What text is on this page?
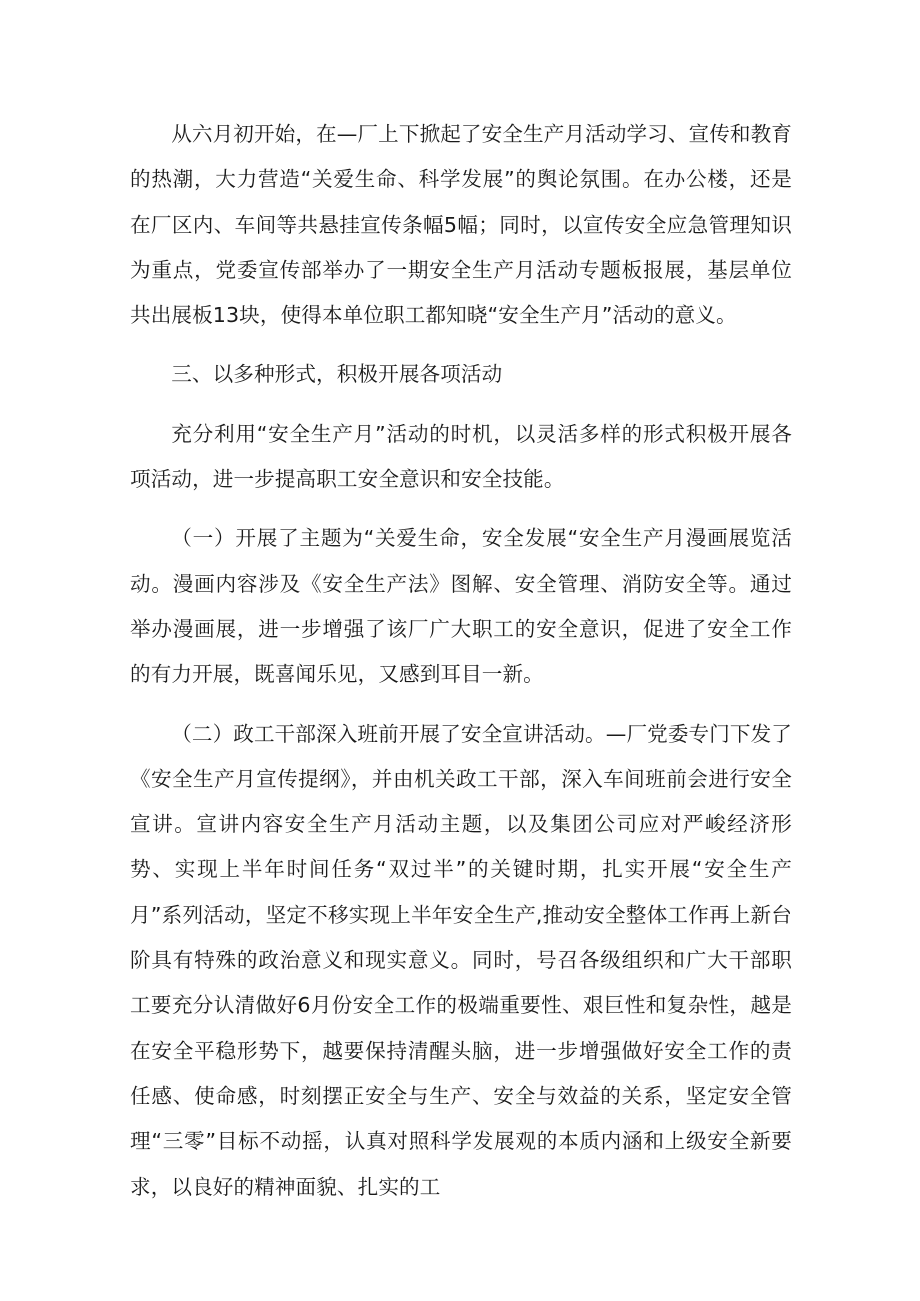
从六月初开始，在—厂上下掀起了安全生产月活动学习、宣传和教育的热潮，大力营造“关爱生命、科学发展”的舆论氛围。在办公楼，还是在厂区内、车间等共悬挂宣传条幅5幅；同时，以宣传安全应急管理知识为重点，党委宣传部举办了一期安全生产月活动专题板报展，基层单位共出展板13块，使得本单位职工都知晓“安全生产月”活动的意义。

三、以多种形式，积极开展各项活动

充分利用“安全生产月”活动的时机，以灵活多样的形式积极开展各项活动，进一步提高职工安全意识和安全技能。

（一）开展了主题为“关爱生命，安全发展“安全生产月漫画展览活动。漫画内容涉及《安全生产法》图解、安全管理、消防安全等。通过举办漫画展，进一步增强了该厂广大职工的安全意识，促进了安全工作的有力开展，既喜闻乐见，又感到耳目一新。

（二）政工干部深入班前开展了安全宣讲活动。—厂党委专门下发了《安全生产月宣传提纲》，并由机关政工干部，深入车间班前会进行安全宣讲。宣讲内容安全生产月活动主题，以及集团公司应对严峻经济形势、实现上半年时间任务“双过半”的关键时期，扎实开展“安全生产月”系列活动，坚定不移实现上半年安全生产,推动安全整体工作再上新台阶具有特殊的政治意义和现实意义。同时，号召各级组织和广大干部职工要充分认清做好6月份安全工作的极端重要性、艰巨性和复杂性，越是在安全平稳形势下，越要保持清醒头脑，进一步增强做好安全工作的责任感、使命感，时刻摆正安全与生产、安全与效益的关系，坚定安全管理“三零”目标不动摇，认真对照科学发展观的本质内涵和上级安全新要求，以良好的精神面貌、扎实的工
